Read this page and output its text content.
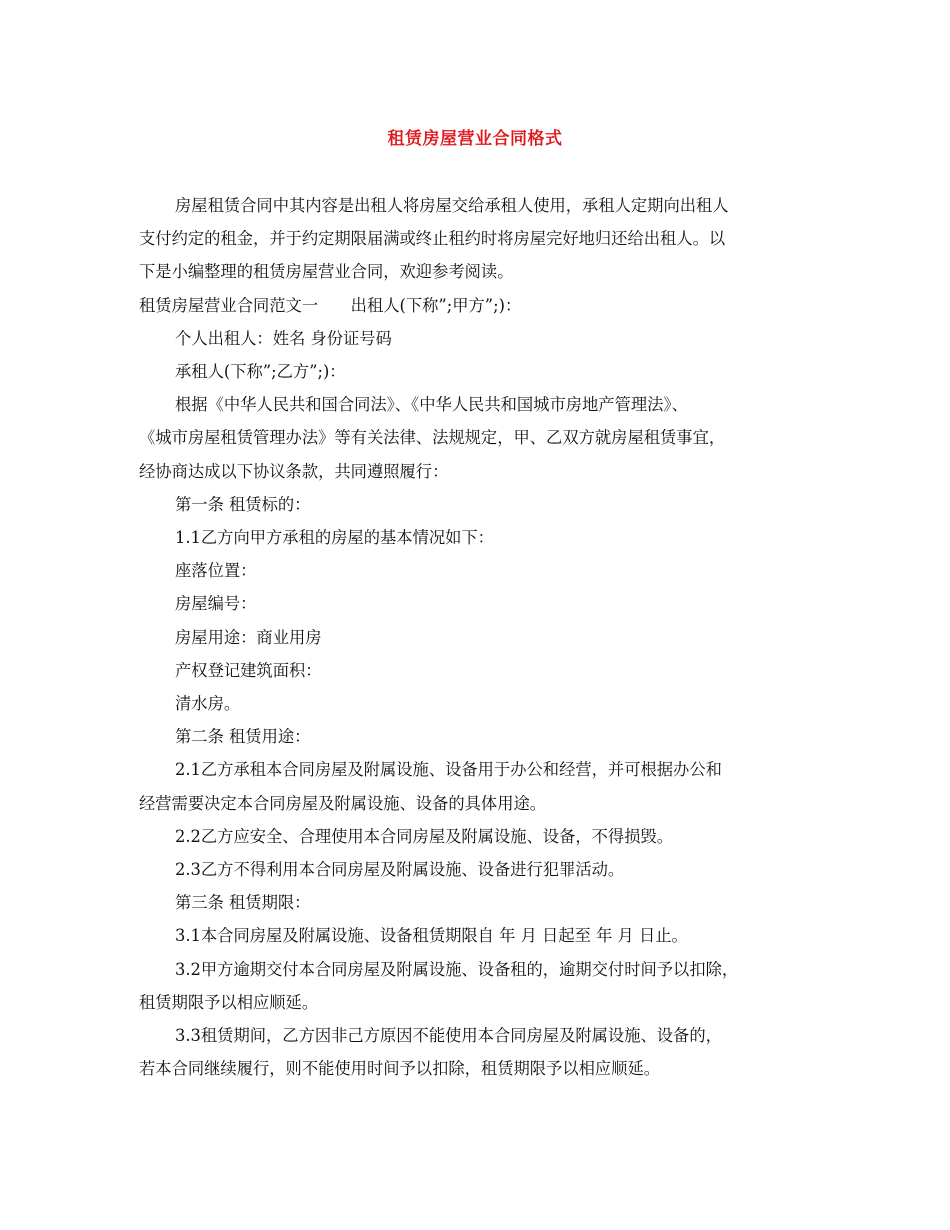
租赁房屋营业合同格式

房屋租赁合同中其内容是出租人将房屋交给承租人使用，承租人定期向出租人

支付约定的租金，并于约定期限届满或终止租约时将房屋完好地归还给出租人。以

下是小编整理的租赁房屋营业合同，欢迎参考阅读。

租赁房屋营业合同范文一　　出租人(下称”;甲方”;)：

个人出租人：姓名 身份证号码

承租人(下称”;乙方”;)：

根据《中华人民共和国合同法》、《中华人民共和国城市房地产管理法》、

《城市房屋租赁管理办法》等有关法律、法规规定，甲、乙双方就房屋租赁事宜，

经协商达成以下协议条款，共同遵照履行：

第一条 租赁标的：

1.1乙方向甲方承租的房屋的基本情况如下：

座落位置：

房屋编号：

房屋用途：商业用房

产权登记建筑面积：

清水房。

第二条 租赁用途：

2.1乙方承租本合同房屋及附属设施、设备用于办公和经营，并可根据办公和

经营需要决定本合同房屋及附属设施、设备的具体用途。

2.2乙方应安全、合理使用本合同房屋及附属设施、设备，不得损毁。

2.3乙方不得利用本合同房屋及附属设施、设备进行犯罪活动。

第三条 租赁期限：

3.1本合同房屋及附属设施、设备租赁期限自 年 月 日起至 年 月 日止。

3.2甲方逾期交付本合同房屋及附属设施、设备租的，逾期交付时间予以扣除，

租赁期限予以相应顺延。

3.3租赁期间，乙方因非己方原因不能使用本合同房屋及附属设施、设备的，

若本合同继续履行，则不能使用时间予以扣除，租赁期限予以相应顺延。
